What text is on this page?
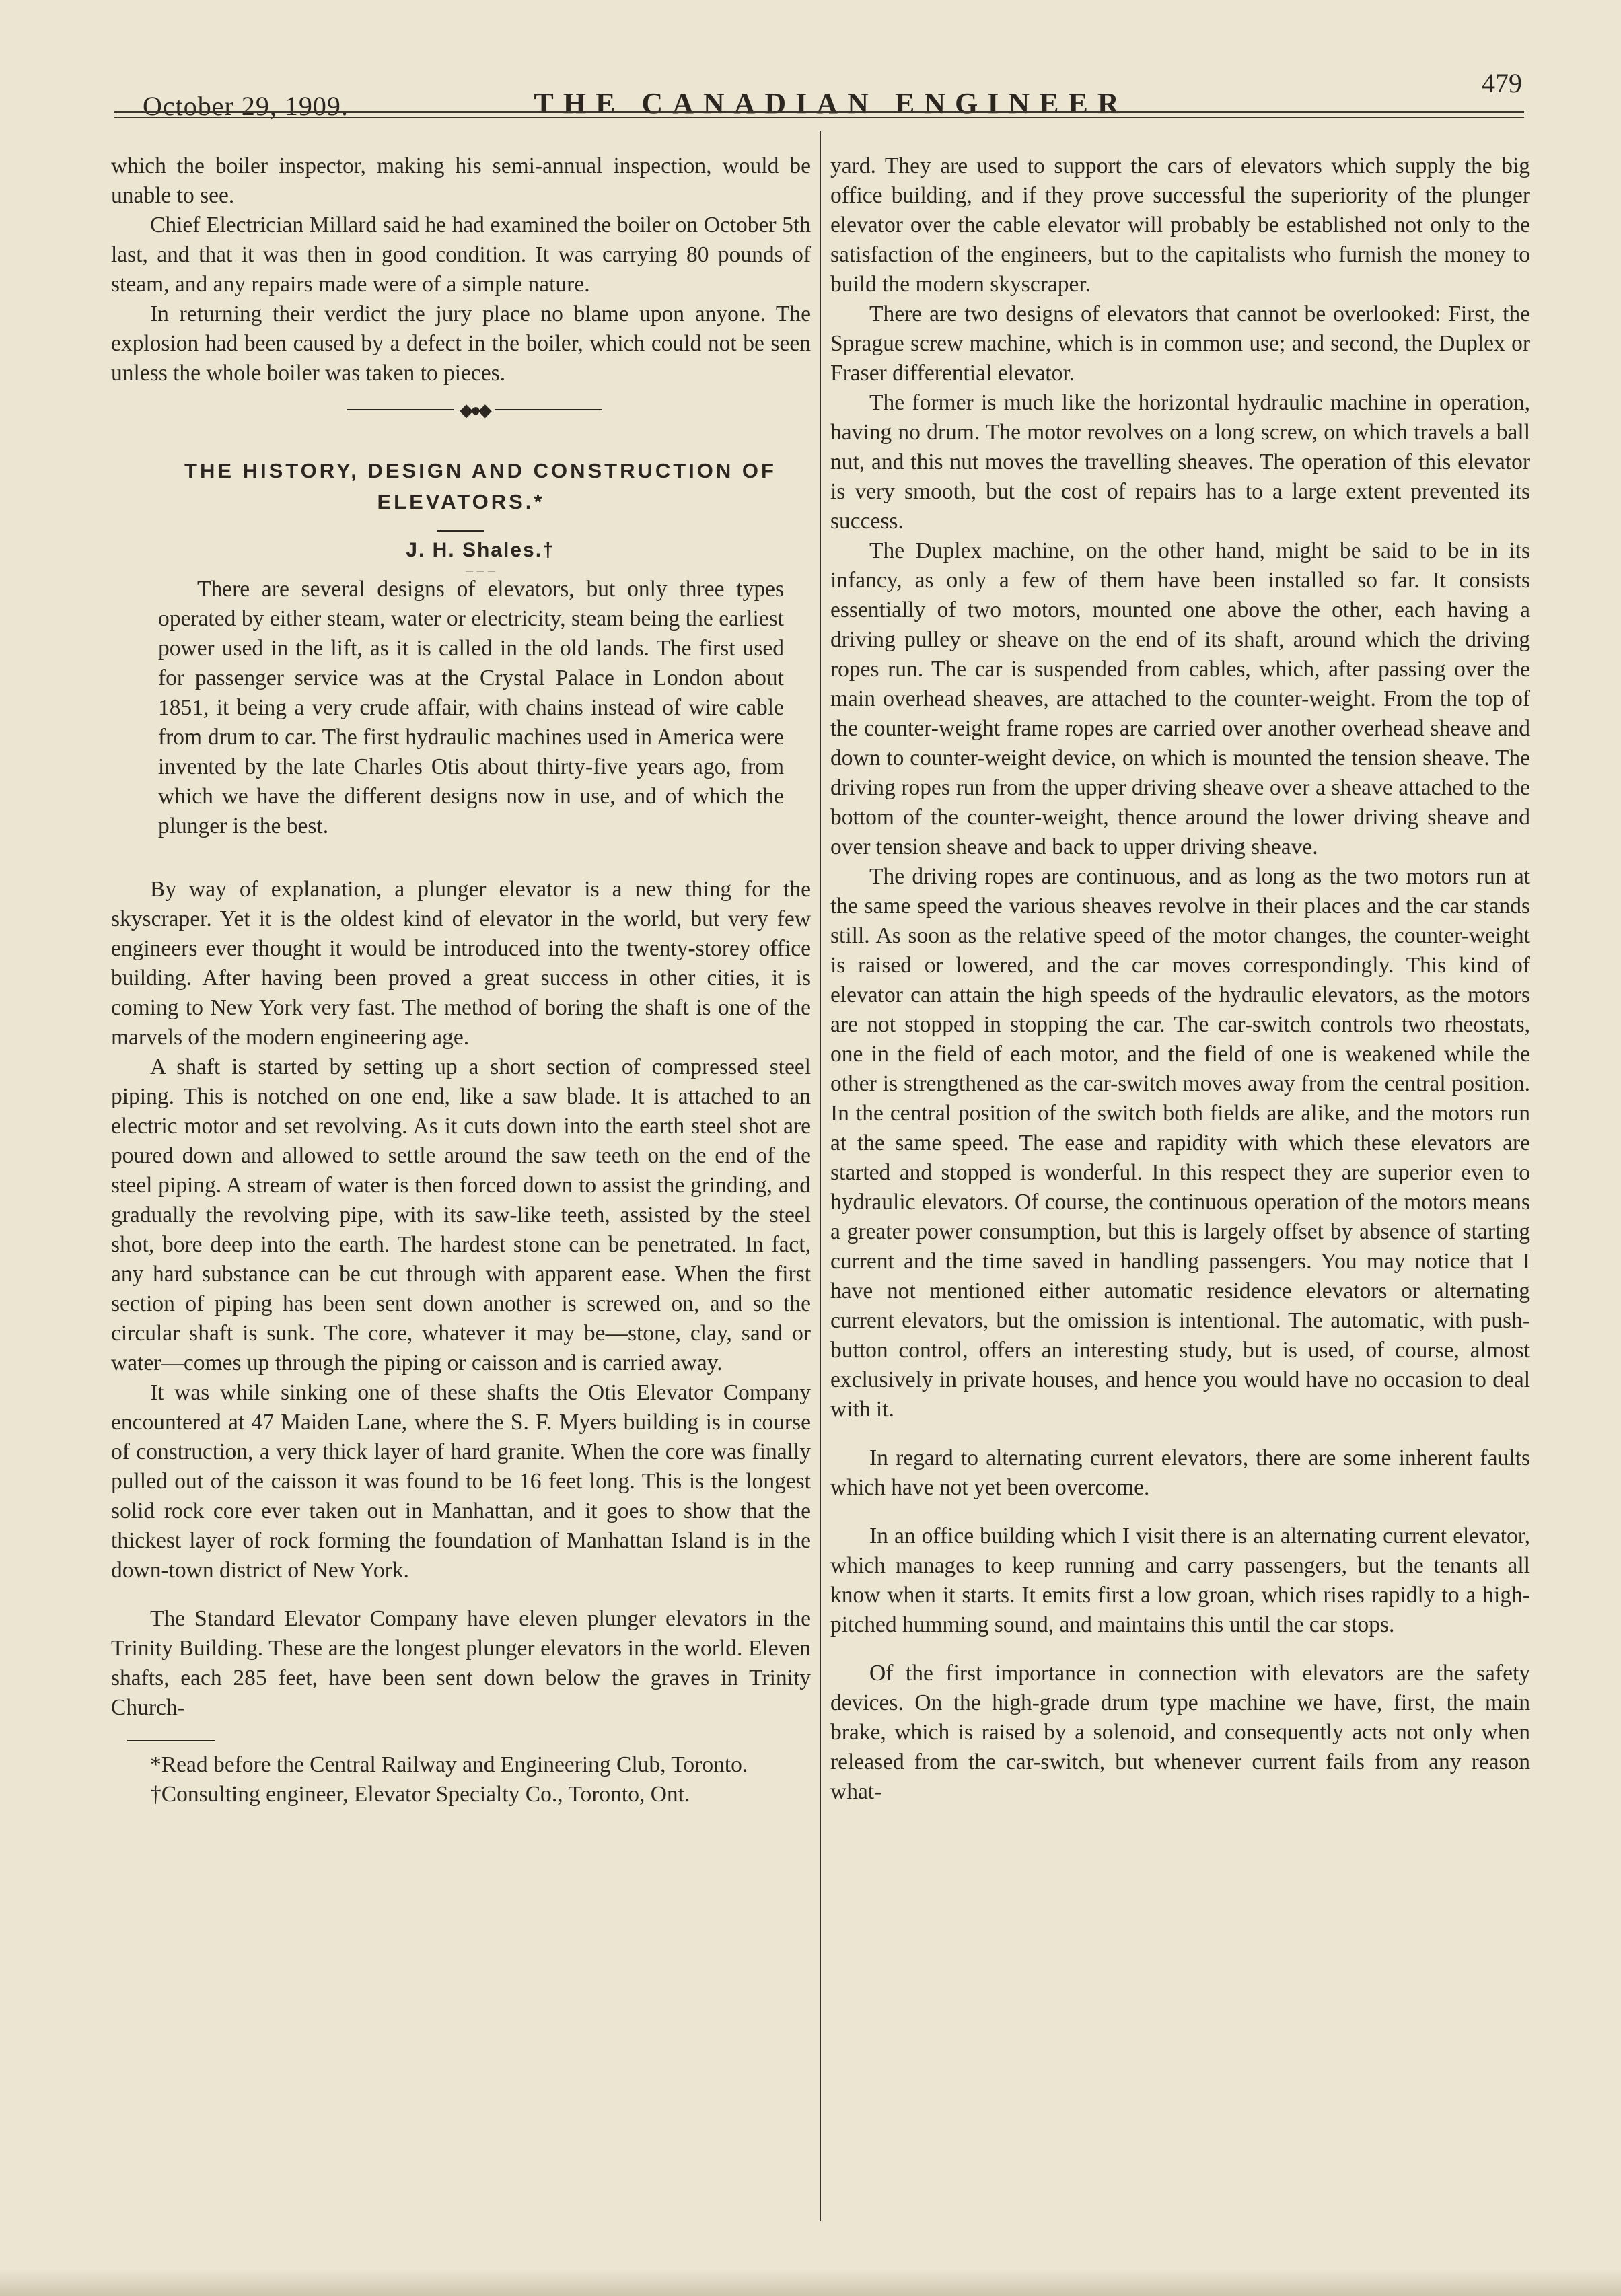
October 29, 1909.	THE CANADIAN ENGINEER
479

which the boiler inspector, making his semi-annual inspection, would be unable to see.

Chief Electrician Millard said he had examined the boiler on October 5th last, and that it was then in good condition. It was carrying 80 pounds of steam, and any repairs made were of a simple nature.

In returning their verdict the jury place no blame upon anyone. The explosion had been caused by a defect in the boiler, which could not be seen unless the whole boiler was taken to pieces.

◆●◆

THE HISTORY, DESIGN AND CONSTRUCTION OF ELEVATORS.*

J. H. Shales.†

– – –

There are several designs of elevators, but only three types operated by either steam, water or electricity, steam being the earliest power used in the lift, as it is called in the old lands. The first used for passenger service was at the Crystal Palace in London about 1851, it being a very crude affair, with chains instead of wire cable from drum to car. The first hydraulic machines used in America were invented by the late Charles Otis about thirty-five years ago, from which we have the different designs now in use, and of which the plunger is the best.

By way of explanation, a plunger elevator is a new thing for the skyscraper. Yet it is the oldest kind of elevator in the world, but very few engineers ever thought it would be introduced into the twenty-storey office building. After having been proved a great success in other cities, it is coming to New York very fast. The method of boring the shaft is one of the marvels of the modern engineering age.

A shaft is started by setting up a short section of compressed steel piping. This is notched on one end, like a saw blade. It is attached to an electric motor and set revolving. As it cuts down into the earth steel shot are poured down and allowed to settle around the saw teeth on the end of the steel piping. A stream of water is then forced down to assist the grinding, and gradually the revolving pipe, with its saw-like teeth, assisted by the steel shot, bore deep into the earth. The hardest stone can be penetrated. In fact, any hard substance can be cut through with apparent ease. When the first section of piping has been sent down another is screwed on, and so the circular shaft is sunk. The core, whatever it may be—stone, clay, sand or water—comes up through the piping or caisson and is carried away.

It was while sinking one of these shafts the Otis Elevator Company encountered at 47 Maiden Lane, where the S. F. Myers building is in course of construction, a very thick layer of hard granite. When the core was finally pulled out of the caisson it was found to be 16 feet long. This is the longest solid rock core ever taken out in Manhattan, and it goes to show that the thickest layer of rock forming the foundation of Manhattan Island is in the down-town district of New York.

The Standard Elevator Company have eleven plunger elevators in the Trinity Building. These are the longest plunger elevators in the world. Eleven shafts, each 285 feet, have been sent down below the graves in Trinity Church-

*Read before the Central Railway and Engineering Club, Toronto.

†Consulting engineer, Elevator Specialty Co., Toronto, Ont.

yard. They are used to support the cars of elevators which supply the big office building, and if they prove successful the superiority of the plunger elevator over the cable elevator will probably be established not only to the satisfaction of the engineers, but to the capitalists who furnish the money to build the modern skyscraper.

There are two designs of elevators that cannot be overlooked: First, the Sprague screw machine, which is in common use; and second, the Duplex or Fraser differential elevator.

The former is much like the horizontal hydraulic machine in operation, having no drum. The motor revolves on a long screw, on which travels a ball nut, and this nut moves the travelling sheaves. The operation of this elevator is very smooth, but the cost of repairs has to a large extent prevented its success.

The Duplex machine, on the other hand, might be said to be in its infancy, as only a few of them have been installed so far. It consists essentially of two motors, mounted one above the other, each having a driving pulley or sheave on the end of its shaft, around which the driving ropes run. The car is suspended from cables, which, after passing over the main overhead sheaves, are attached to the counter-weight. From the top of the counter-weight frame ropes are carried over another overhead sheave and down to counter-weight device, on which is mounted the tension sheave. The driving ropes run from the upper driving sheave over a sheave attached to the bottom of the counter-weight, thence around the lower driving sheave and over tension sheave and back to upper driving sheave.

The driving ropes are continuous, and as long as the two motors run at the same speed the various sheaves revolve in their places and the car stands still. As soon as the relative speed of the motor changes, the counter-weight is raised or lowered, and the car moves correspondingly. This kind of elevator can attain the high speeds of the hydraulic elevators, as the motors are not stopped in stopping the car. The car-switch controls two rheostats, one in the field of each motor, and the field of one is weakened while the other is strengthened as the car-switch moves away from the central position. In the central position of the switch both fields are alike, and the motors run at the same speed. The ease and rapidity with which these elevators are started and stopped is wonderful. In this respect they are superior even to hydraulic elevators. Of course, the continuous operation of the motors means a greater power consumption, but this is largely offset by absence of starting current and the time saved in handling passengers. You may notice that I have not mentioned either automatic residence elevators or alternating current elevators, but the omission is intentional. The automatic, with push-button control, offers an interesting study, but is used, of course, almost exclusively in private houses, and hence you would have no occasion to deal with it.

In regard to alternating current elevators, there are some inherent faults which have not yet been overcome.

In an office building which I visit there is an alternating current elevator, which manages to keep running and carry passengers, but the tenants all know when it starts. It emits first a low groan, which rises rapidly to a high-pitched humming sound, and maintains this until the car stops.

Of the first importance in connection with elevators are the safety devices. On the high-grade drum type machine we have, first, the main brake, which is raised by a solenoid, and consequently acts not only when released from the car-switch, but whenever current fails from any reason what-
